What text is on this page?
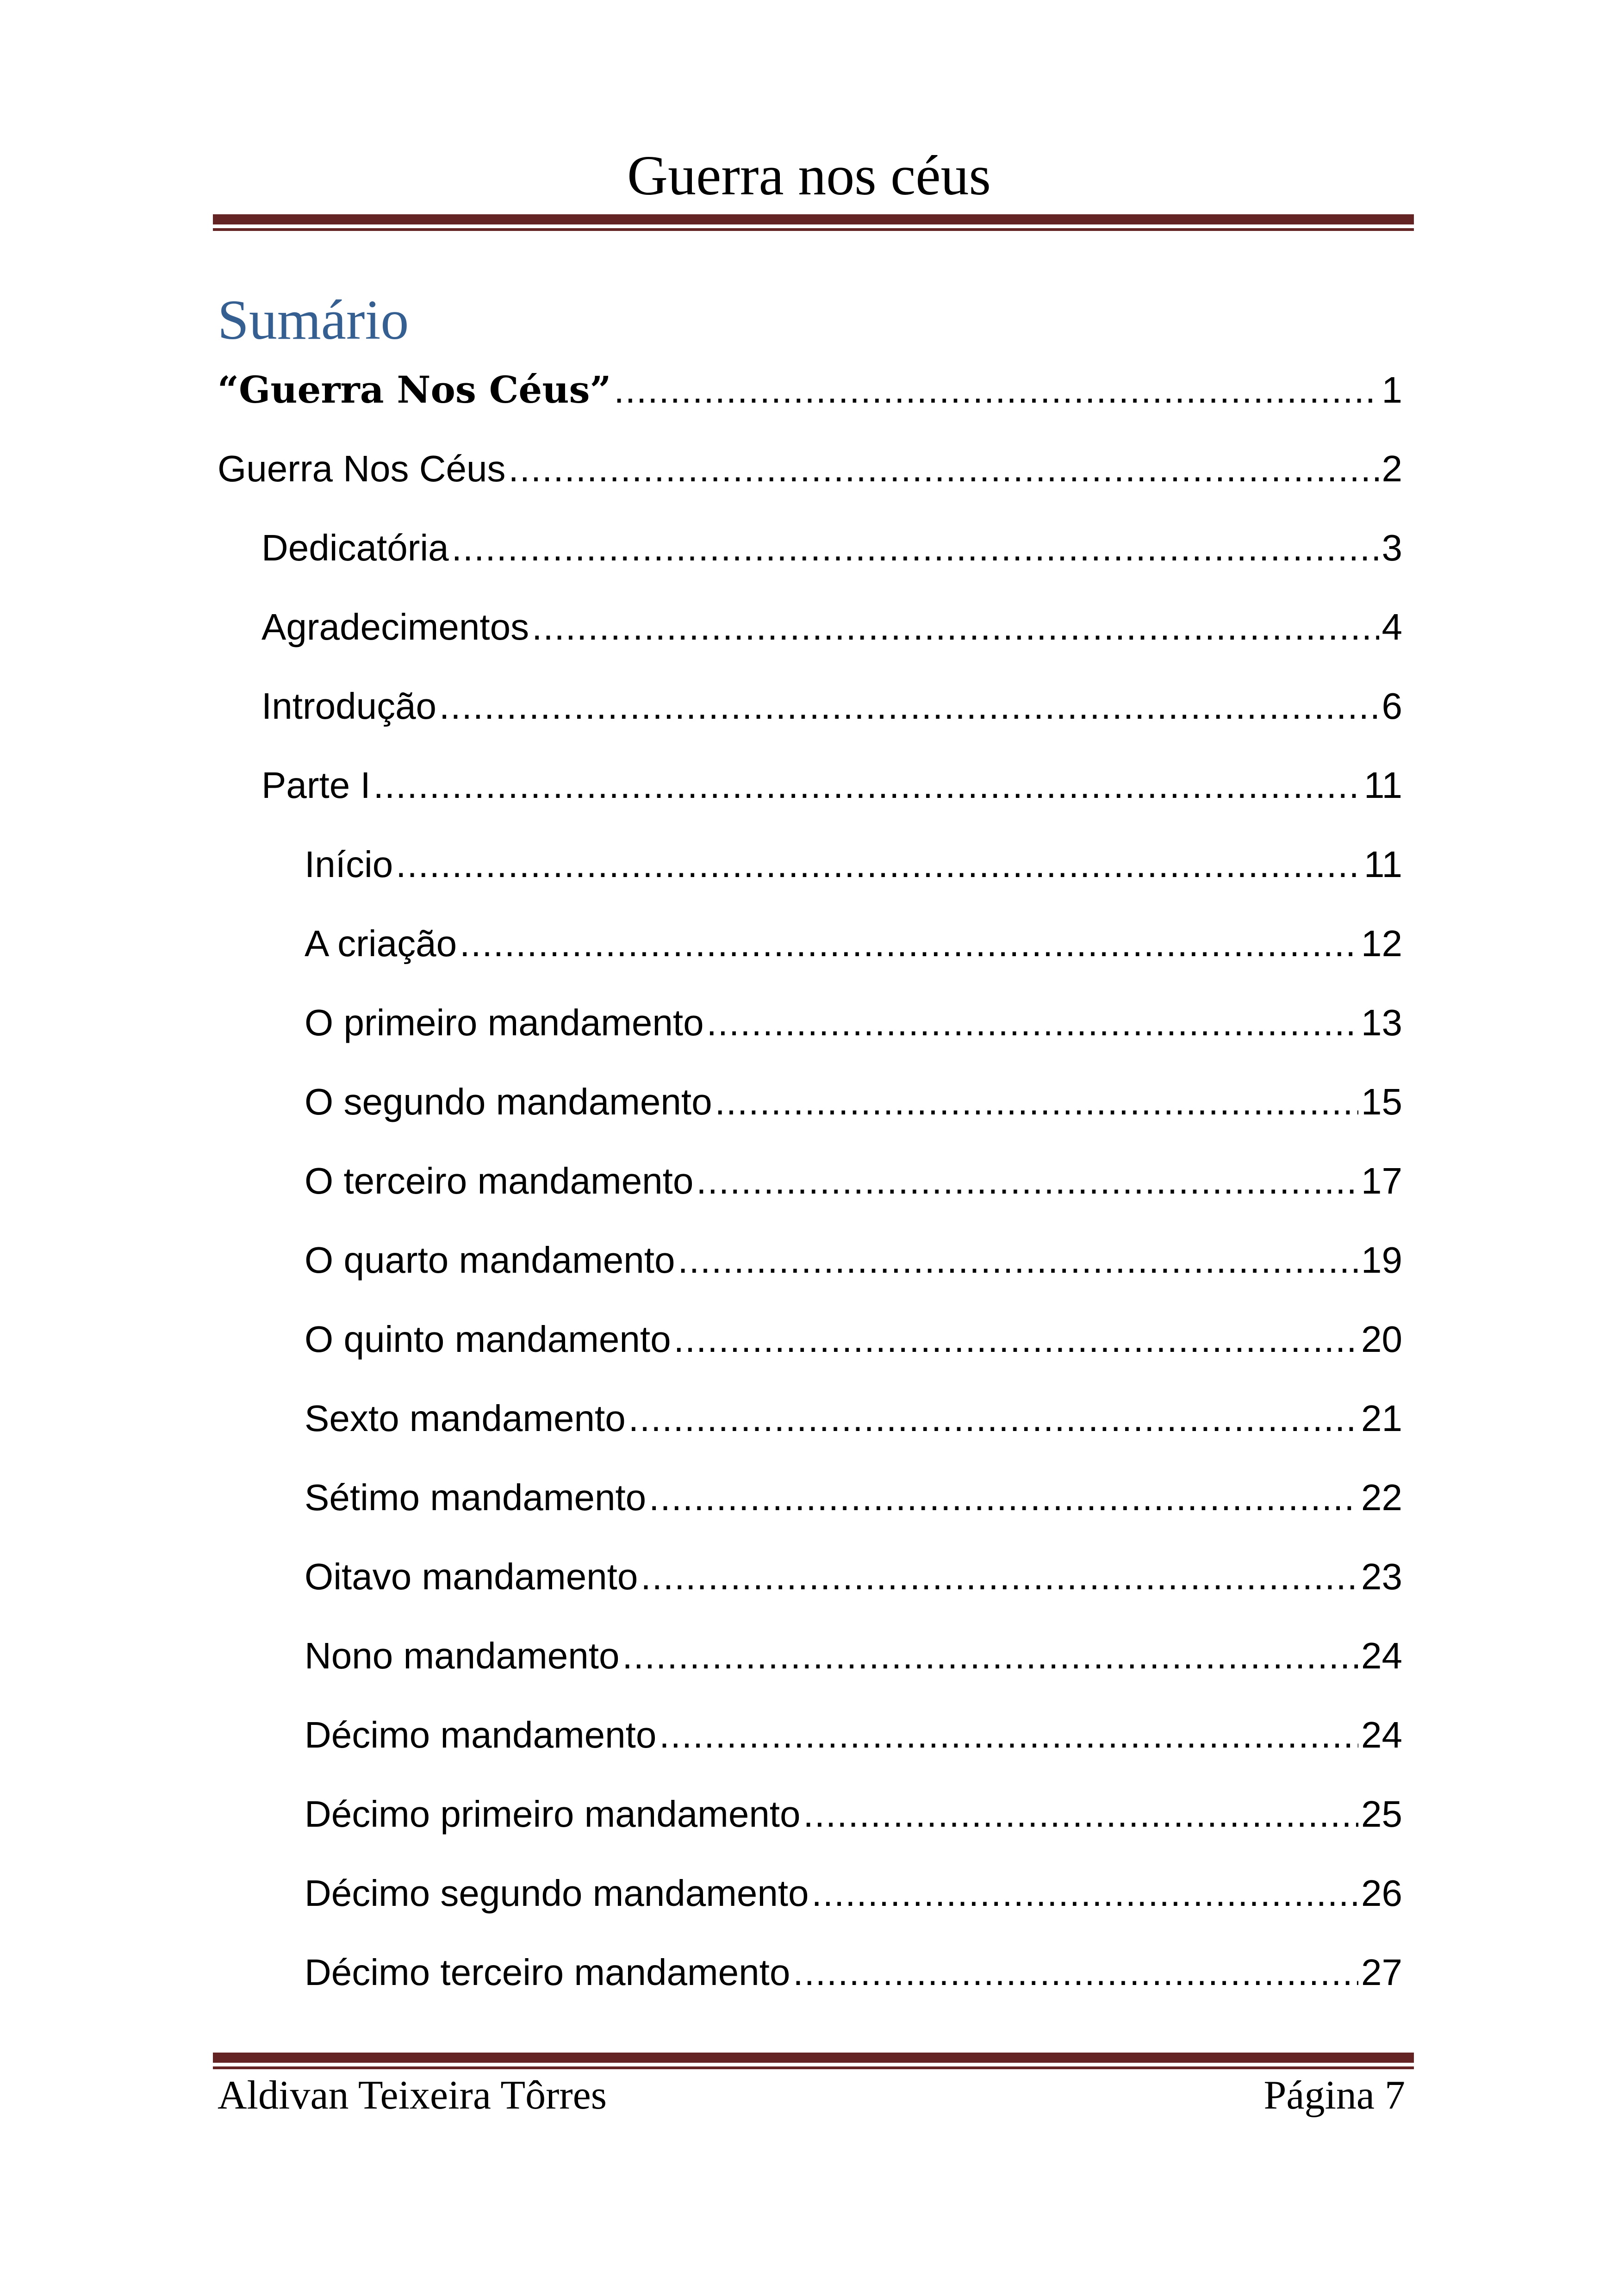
Guerra nos céus
Sumário
“Guerra Nos Céus” .....	1
Guerra Nos Céus .....	2
Dedicatória .....	3
Agradecimentos .....	4
Introdução .....	6
Parte I .....	11
Início .....	11
A criação .....	12
O primeiro mandamento .....	13
O segundo mandamento .....	15
O terceiro mandamento .....	17
O quarto mandamento .....	19
O quinto mandamento .....	20
Sexto mandamento .....	21
Sétimo mandamento .....	22
Oitavo mandamento .....	23
Nono mandamento .....	24
Décimo mandamento .....	24
Décimo primeiro mandamento .....	25
Décimo segundo mandamento .....	26
Décimo terceiro mandamento .....	27
Aldivan Teixeira Tôrres	Página 7
